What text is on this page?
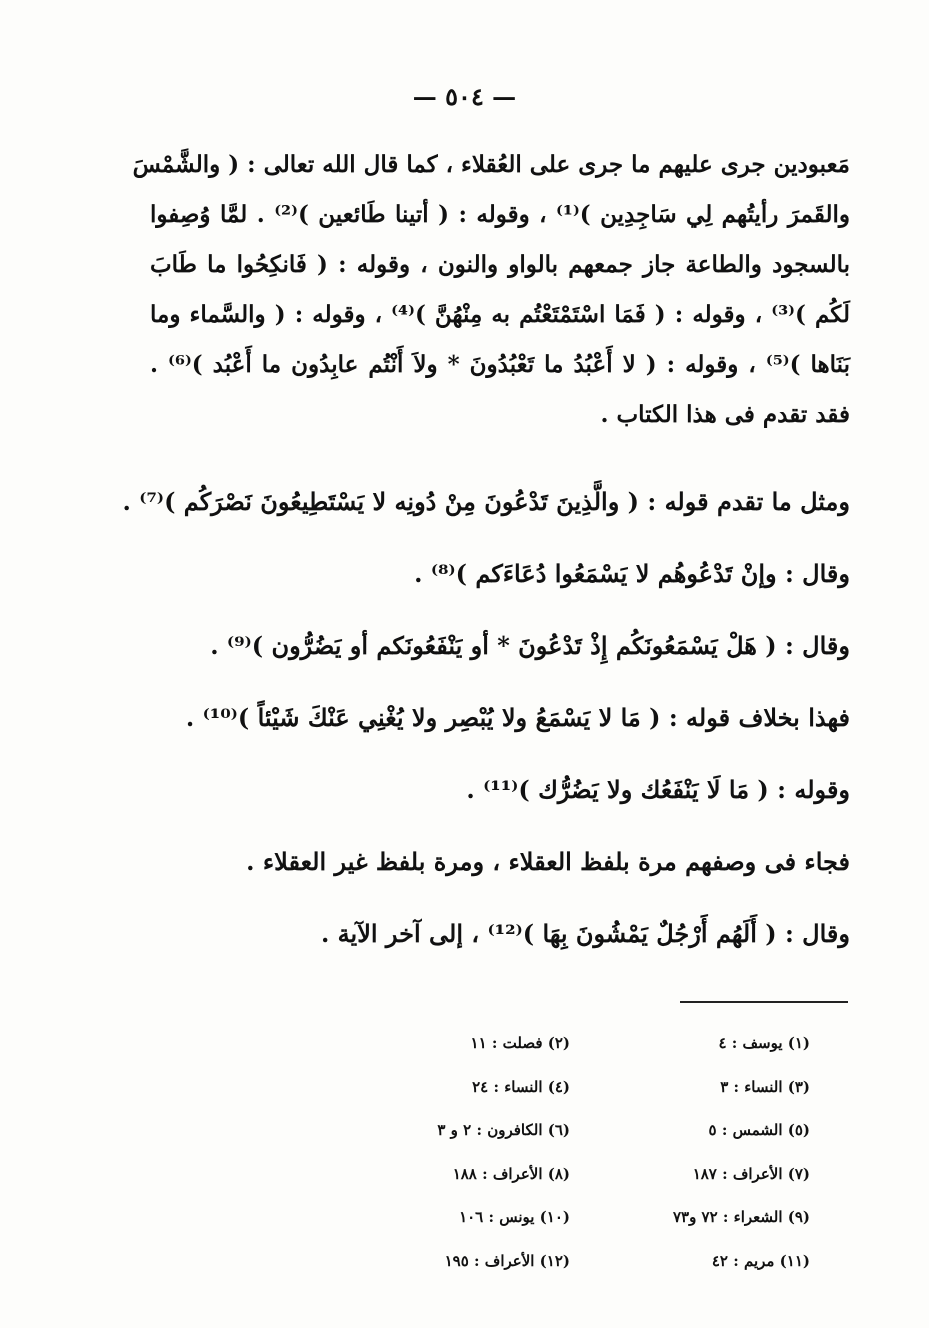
— ٥٠٤ —
مَعبودين جرى عليهم ما جرى على العُقلاء ، كما قال الله تعالى : ( والشَّمْسَ
والقَمرَ رأيتُهم لِي سَاجِدِين )⁽¹⁾ ، وقوله : ( أتينا طَائعين )⁽²⁾ . لمَّا وُصِفوا
بالسجود والطاعة جاز جمعهم بالواو والنون ، وقوله : ( فَانكِحُوا ما طَابَ
لَكُم )⁽³⁾ ، وقوله : ( فَمَا اسْتَمْتَعْتُم به مِنْهُنَّ )⁽⁴⁾ ، وقوله : ( والسَّماء وما
بَنَاها )⁽⁵⁾ ، وقوله : ( لا أَعْبُدُ ما تَعْبُدُونَ * ولاَ أَنْتُم عابِدُون ما أَعْبُد )⁽⁶⁾ .
فقد تقدم فى هذا الكتاب .
ومثل ما تقدم قوله : ( والَّذِينَ تَدْعُونَ مِنْ دُونِه لا يَسْتَطِيعُونَ نَصْرَكُم )⁽⁷⁾ .
وقال : وإنْ تَدْعُوهُم لا يَسْمَعُوا دُعَاءَكم )⁽⁸⁾ .
وقال : ( هَلْ يَسْمَعُونَكُم إِذْ تَدْعُونَ * أو يَنْفَعُونَكم أو يَضُرُّون )⁽⁹⁾ .
فهذا بخلاف قوله : ( مَا لا يَسْمَعُ ولا يُبْصِر ولا يُغْنِي عَنْكَ شَيْئاً )⁽¹⁰⁾ .
وقوله : ( مَا لَا يَنْفَعُك ولا يَضُرُّك )⁽¹¹⁾ .
فجاء فى وصفهم مرة بلفظ العقلاء ، ومرة بلفظ غير العقلاء .
وقال : ( أَلَهُم أَرْجُلٌ يَمْشُونَ بِهَا )⁽¹²⁾ ، إلى آخر الآية .
(١) يوسف : ٤
(٢) فصلت : ١١
(٣) النساء : ٣
(٤) النساء : ٢٤
(٥) الشمس : ٥
(٦) الكافرون : ٢ و ٣
(٧) الأعراف : ١٨٧
(٨) الأعراف : ١٨٨
(٩) الشعراء : ٧٢ و٧٣
(١٠) يونس : ١٠٦
(١١) مريم : ٤٢
(١٢) الأعراف : ١٩٥
